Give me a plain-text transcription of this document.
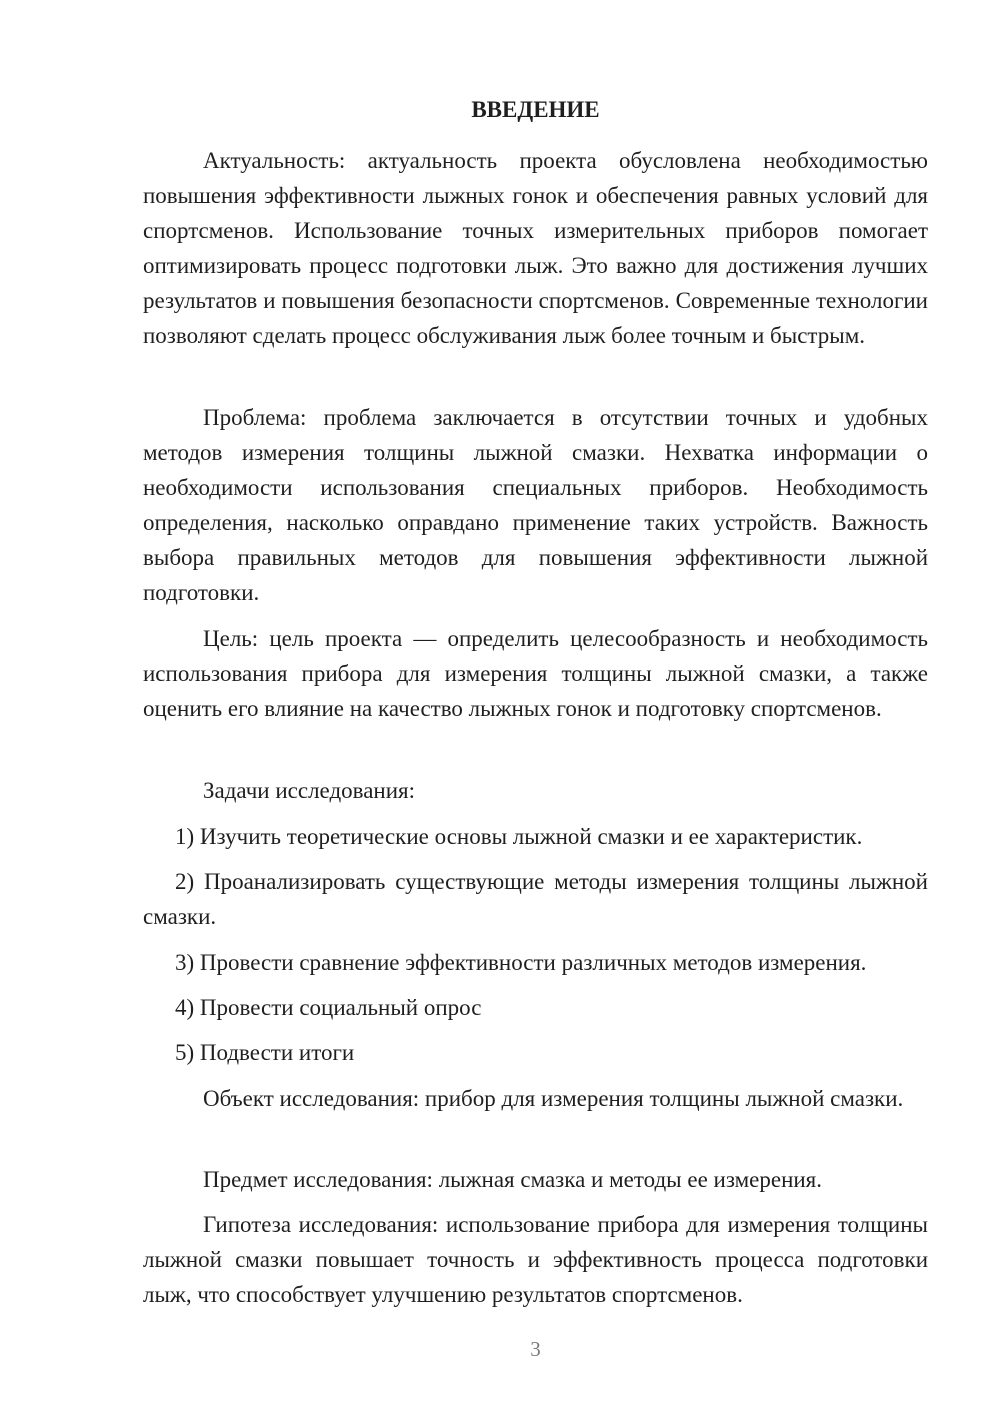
ВВЕДЕНИЕ

Актуальность: актуальность проекта обусловлена необходимостью повышения эффективности лыжных гонок и обеспечения равных условий для спортсменов. Использование точных измерительных приборов помогает оптимизировать процесс подготовки лыж. Это важно для достижения лучших результатов и повышения безопасности спортсменов. Современные технологии позволяют сделать процесс обслуживания лыж более точным и быстрым.

Проблема: проблема заключается в отсутствии точных и удобных методов измерения толщины лыжной смазки. Нехватка информации о необходимости использования специальных приборов. Необходимость определения, насколько оправдано применение таких устройств. Важность выбора правильных методов для повышения эффективности лыжной подготовки.

Цель: цель проекта — определить целесообразность и необходимость использования прибора для измерения толщины лыжной смазки, а также оценить его влияние на качество лыжных гонок и подготовку спортсменов.

Задачи исследования:

1) Изучить теоретические основы лыжной смазки и ее характеристик.

2) Проанализировать существующие методы измерения толщины лыжной смазки.

3) Провести сравнение эффективности различных методов измерения.

4) Провести социальный опрос

5) Подвести итоги

Объект исследования: прибор для измерения толщины лыжной смазки.

Предмет исследования: лыжная смазка и методы ее измерения.

Гипотеза исследования: использование прибора для измерения толщины лыжной смазки повышает точность и эффективность процесса подготовки лыж, что способствует улучшению результатов спортсменов.

3
